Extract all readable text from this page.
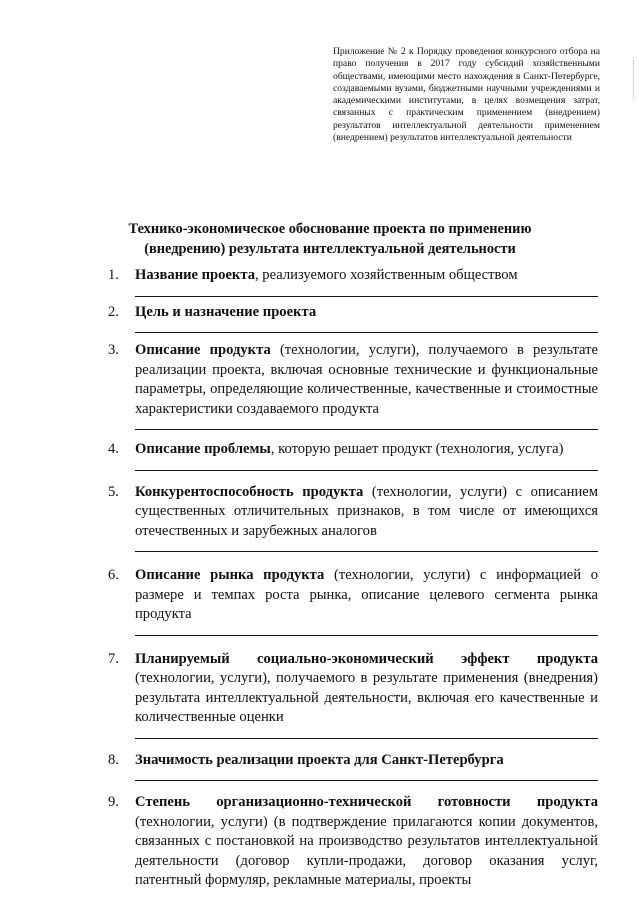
Приложение № 2 к Порядку проведения конкурсного отбора на право получения в 2017 году субсидий хозяйственными обществами, имеющими место нахождения в Санкт-Петербурге, создаваемыми вузами, бюджетными научными учреждениями и академическими институтами, в целях возмещения затрат, связанных с практическим применением (внедрением) результатов интеллектуальной деятельности применением (внедрением) результатов интеллектуальной деятельности
Технико-экономическое обоснование проекта по применению (внедрению) результата интеллектуальной деятельности
1. Название проекта, реализуемого хозяйственным обществом
2. Цель и назначение проекта
3. Описание продукта (технологии, услуги), получаемого в результате реализации проекта, включая основные технические и функциональные параметры, определяющие количественные, качественные и стоимостные характеристики создаваемого продукта
4. Описание проблемы, которую решает продукт (технология, услуга)
5. Конкурентоспособность продукта (технологии, услуги) с описанием существенных отличительных признаков, в том числе от имеющихся отечественных и зарубежных аналогов
6. Описание рынка продукта (технологии, услуги) с информацией о размере и темпах роста рынка, описание целевого сегмента рынка продукта
7. Планируемый социально-экономический эффект продукта (технологии, услуги), получаемого в результате применения (внедрения) результата интеллектуальной деятельности, включая его качественные и количественные оценки
8. Значимость реализации проекта для Санкт-Петербурга
9. Степень организационно-технической готовности продукта (технологии, услуги) (в подтверждение прилагаются копии документов, связанных с постановкой на производство результатов интеллектуальной деятельности (договор купли-продажи, договор оказания услуг, патентный формуляр, рекламные материалы, проекты
